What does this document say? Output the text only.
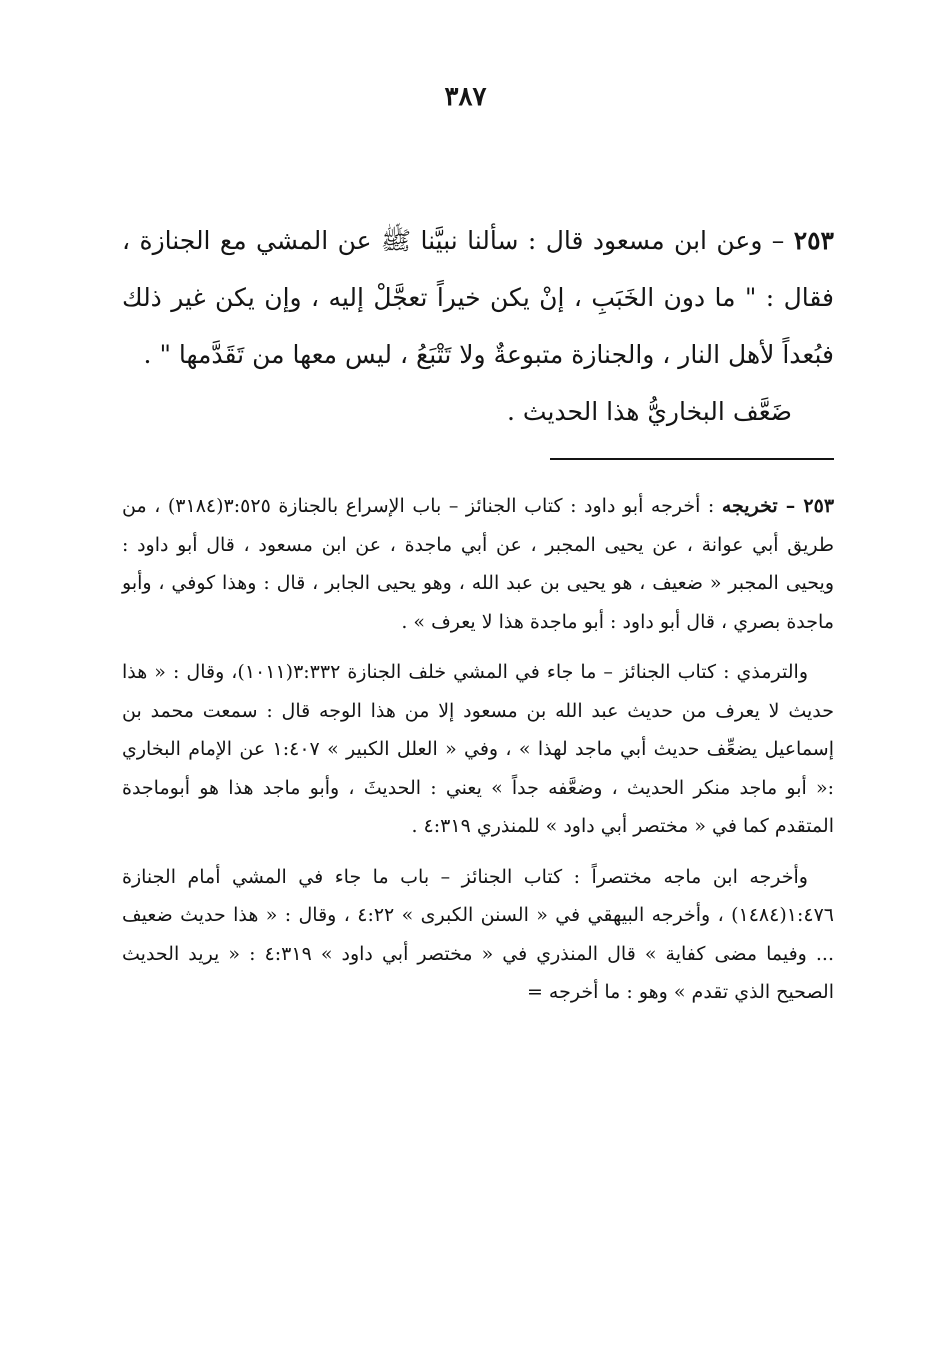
٣٨٧

٢٥٣ – وعن ابن مسعود قال : سألنا نبيَّنا ﷺ عن المشي مع الجنازة ، فقال : " ما دون الخَبَبِ ، إنْ يكن خيراً تعجَّلْ إليه ، وإن يكن غير ذلك فبُعداً لأهل النار ، والجنازة متبوعةٌ ولا تَتْبَعُ ، ليس معها من تَقَدَّمها " .

ضَعَّف البخاريُّ هذا الحديث .

٢٥٣ – تخريجه : أخرجه أبو داود : كتاب الجنائز – باب الإسراع بالجنازة ٣:٥٢٥(٣١٨٤) ، من طريق أبي عوانة ، عن يحيى المجبر ، عن أبي ماجدة ، عن ابن مسعود ، قال أبو داود : ويحيى المجبر « ضعيف ، هو يحيى بن عبد الله ، وهو يحيى الجابر ، قال : وهذا كوفي ، وأبو ماجدة بصري ، قال أبو داود : أبو ماجدة هذا لا يعرف » .

والترمذي : كتاب الجنائز – ما جاء في المشي خلف الجنازة ٣:٣٣٢(١٠١١)، وقال : « هذا حديث لا يعرف من حديث عبد الله بن مسعود إلا من هذا الوجه قال : سمعت محمد بن إسماعيل يضعِّف حديث أبي ماجد لهذا » ، وفي « العلل الكبير » ١:٤٠٧ عن الإمام البخاري :« أبو ماجد منكر الحديث ، وضعَّفه جداً » يعني : الحديثَ ، وأبو ماجد هذا هو أبوماجدة المتقدم كما في « مختصر أبي داود » للمنذري ٤:٣١٩ .

وأخرجه ابن ماجه مختصراً : كتاب الجنائز – باب ما جاء في المشي أمام الجنازة ١:٤٧٦(١٤٨٤) ، وأخرجه البيهقي في « السنن الكبرى » ٤:٢٢ ، وقال : « هذا حديث ضعيف ... وفيما مضى كفاية » قال المنذري في « مختصر أبي داود » ٤:٣١٩ : « يريد الحديث الصحيح الذي تقدم » وهو : ما أخرجه =
